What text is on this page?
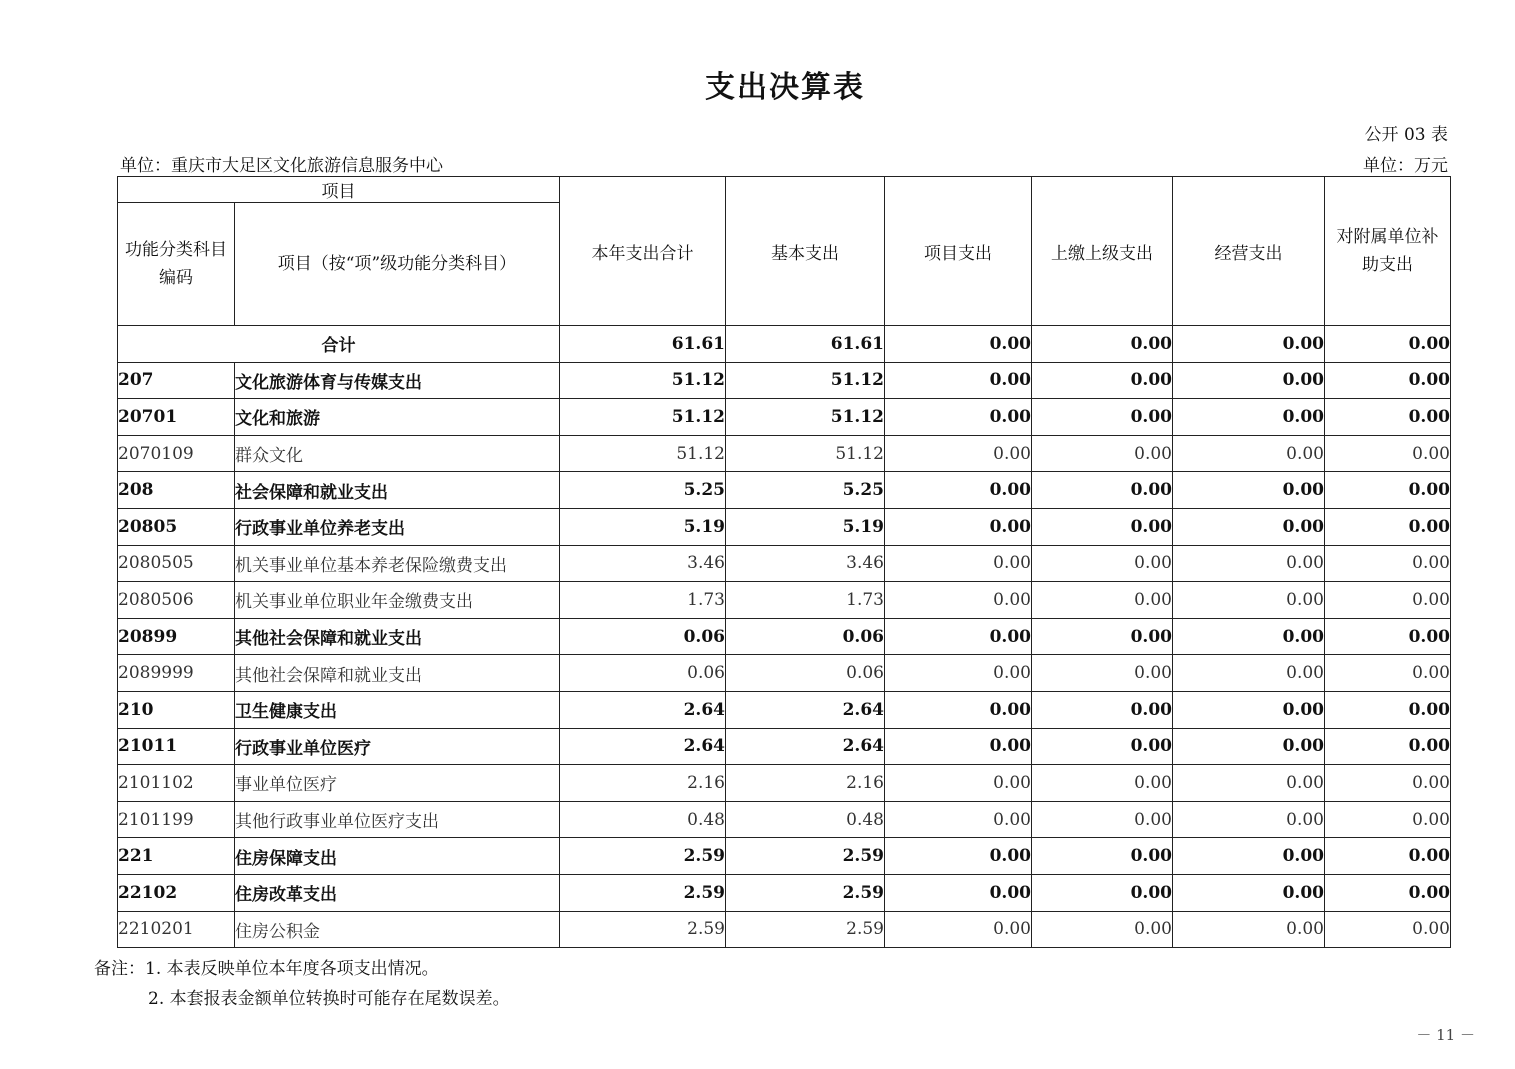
支出决算表
公开 03 表
单位：重庆市大足区文化旅游信息服务中心	单位：万元
项目		本年支出合计	基本支出	项目支出	上缴上级支出	经营支出	对附属单位补助支出
功能分类科目编码	项目（按“项”级功能分类科目）						
合计		61.61	61.61	0.00	0.00	0.00	0.00
207	文化旅游体育与传媒支出	51.12	51.12	0.00	0.00	0.00	0.00
20701	文化和旅游	51.12	51.12	0.00	0.00	0.00	0.00
2070109	群众文化	51.12	51.12	0.00	0.00	0.00	0.00
208	社会保障和就业支出	5.25	5.25	0.00	0.00	0.00	0.00
20805	行政事业单位养老支出	5.19	5.19	0.00	0.00	0.00	0.00
2080505	机关事业单位基本养老保险缴费支出	3.46	3.46	0.00	0.00	0.00	0.00
2080506	机关事业单位职业年金缴费支出	1.73	1.73	0.00	0.00	0.00	0.00
20899	其他社会保障和就业支出	0.06	0.06	0.00	0.00	0.00	0.00
2089999	其他社会保障和就业支出	0.06	0.06	0.00	0.00	0.00	0.00
210	卫生健康支出	2.64	2.64	0.00	0.00	0.00	0.00
21011	行政事业单位医疗	2.64	2.64	0.00	0.00	0.00	0.00
2101102	事业单位医疗	2.16	2.16	0.00	0.00	0.00	0.00
2101199	其他行政事业单位医疗支出	0.48	0.48	0.00	0.00	0.00	0.00
221	住房保障支出	2.59	2.59	0.00	0.00	0.00	0.00
22102	住房改革支出	2.59	2.59	0.00	0.00	0.00	0.00
2210201	住房公积金	2.59	2.59	0.00	0.00	0.00	0.00
备注：1. 本表反映单位本年度各项支出情况。
2. 本套报表金额单位转换时可能存在尾数误差。
－ 11 －
